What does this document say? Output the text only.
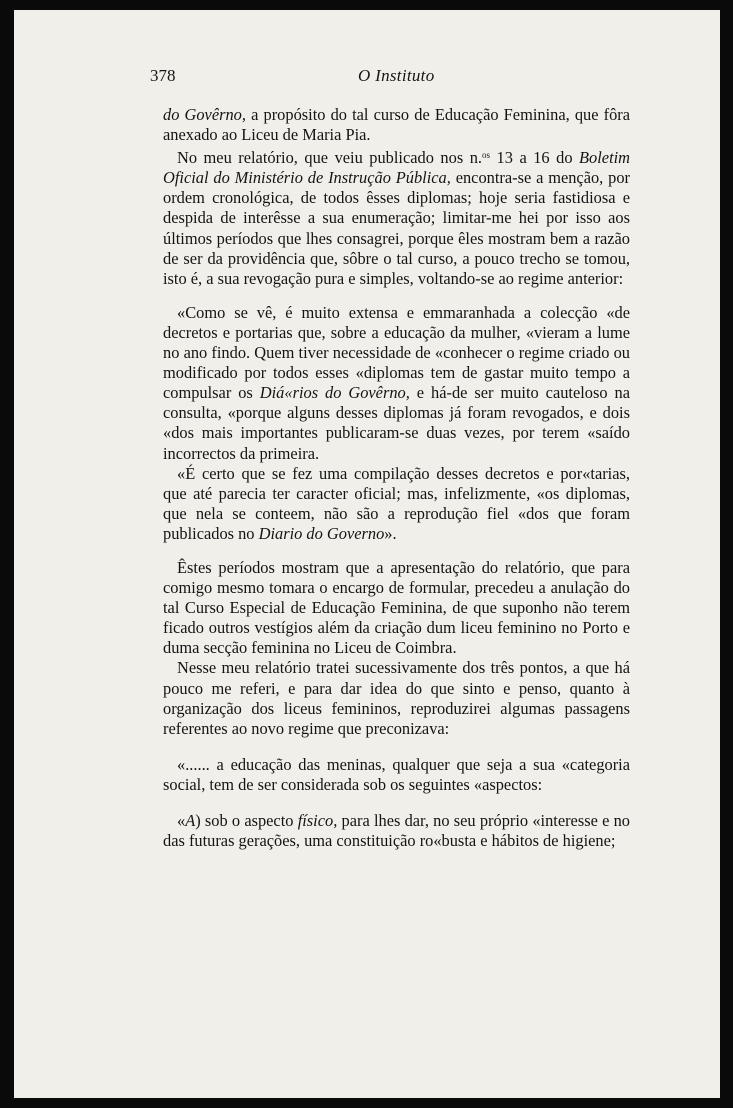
378	O Instituto

do Govêrno, a propósito do tal curso de Educação Feminina, que fôra anexado ao Liceu de Maria Pia.

No meu relatório, que veiu publicado nos n.$^{os}$ 13 a 16 do Boletim Oficial do Ministério de Instrução Pública, encontra-se a menção, por ordem cronológica, de todos êsses diplomas; hoje seria fastidiosa e despida de interêsse a sua enumeração; limitar-me hei por isso aos últimos períodos que lhes consagrei, porque êles mostram bem a razão de ser da providência que, sôbre o tal curso, a pouco trecho se tomou, isto é, a sua revogação pura e simples, voltando-se ao regime anterior:

«Como se vê, é muito extensa e emmaranhada a colecção «de decretos e portarias que, sobre a educação da mulher, «vieram a lume no ano findo. Quem tiver necessidade de «conhecer o regime criado ou modificado por todos esses «diplomas tem de gastar muito tempo a compulsar os Diá«rios do Govêrno, e há-de ser muito cauteloso na consulta, «porque alguns desses diplomas já foram revogados, e dois «dos mais importantes publicaram-se duas vezes, por terem «saído incorrectos da primeira.

«É certo que se fez uma compilação desses decretos e por«tarias, que até parecia ter caracter oficial; mas, infelizmente, «os diplomas, que nela se conteem, não são a reprodução fiel «dos que foram publicados no Diario do Governo».

Êstes períodos mostram que a apresentação do relatório, que para comigo mesmo tomara o encargo de formular, precedeu a anulação do tal Curso Especial de Educação Feminina, de que suponho não terem ficado outros vestígios além da criação dum liceu feminino no Porto e duma secção feminina no Liceu de Coimbra.

Nesse meu relatório tratei sucessivamente dos três pontos, a que há pouco me referi, e para dar idea do que sinto e penso, quanto à organização dos liceus femininos, reproduzirei algumas passagens referentes ao novo regime que preconizava:

«...... a educação das meninas, qualquer que seja a sua «categoria social, tem de ser considerada sob os seguintes «aspectos:

«A) sob o aspecto físico, para lhes dar, no seu próprio «interesse e no das futuras gerações, uma constituição ro«busta e hábitos de higiene;
